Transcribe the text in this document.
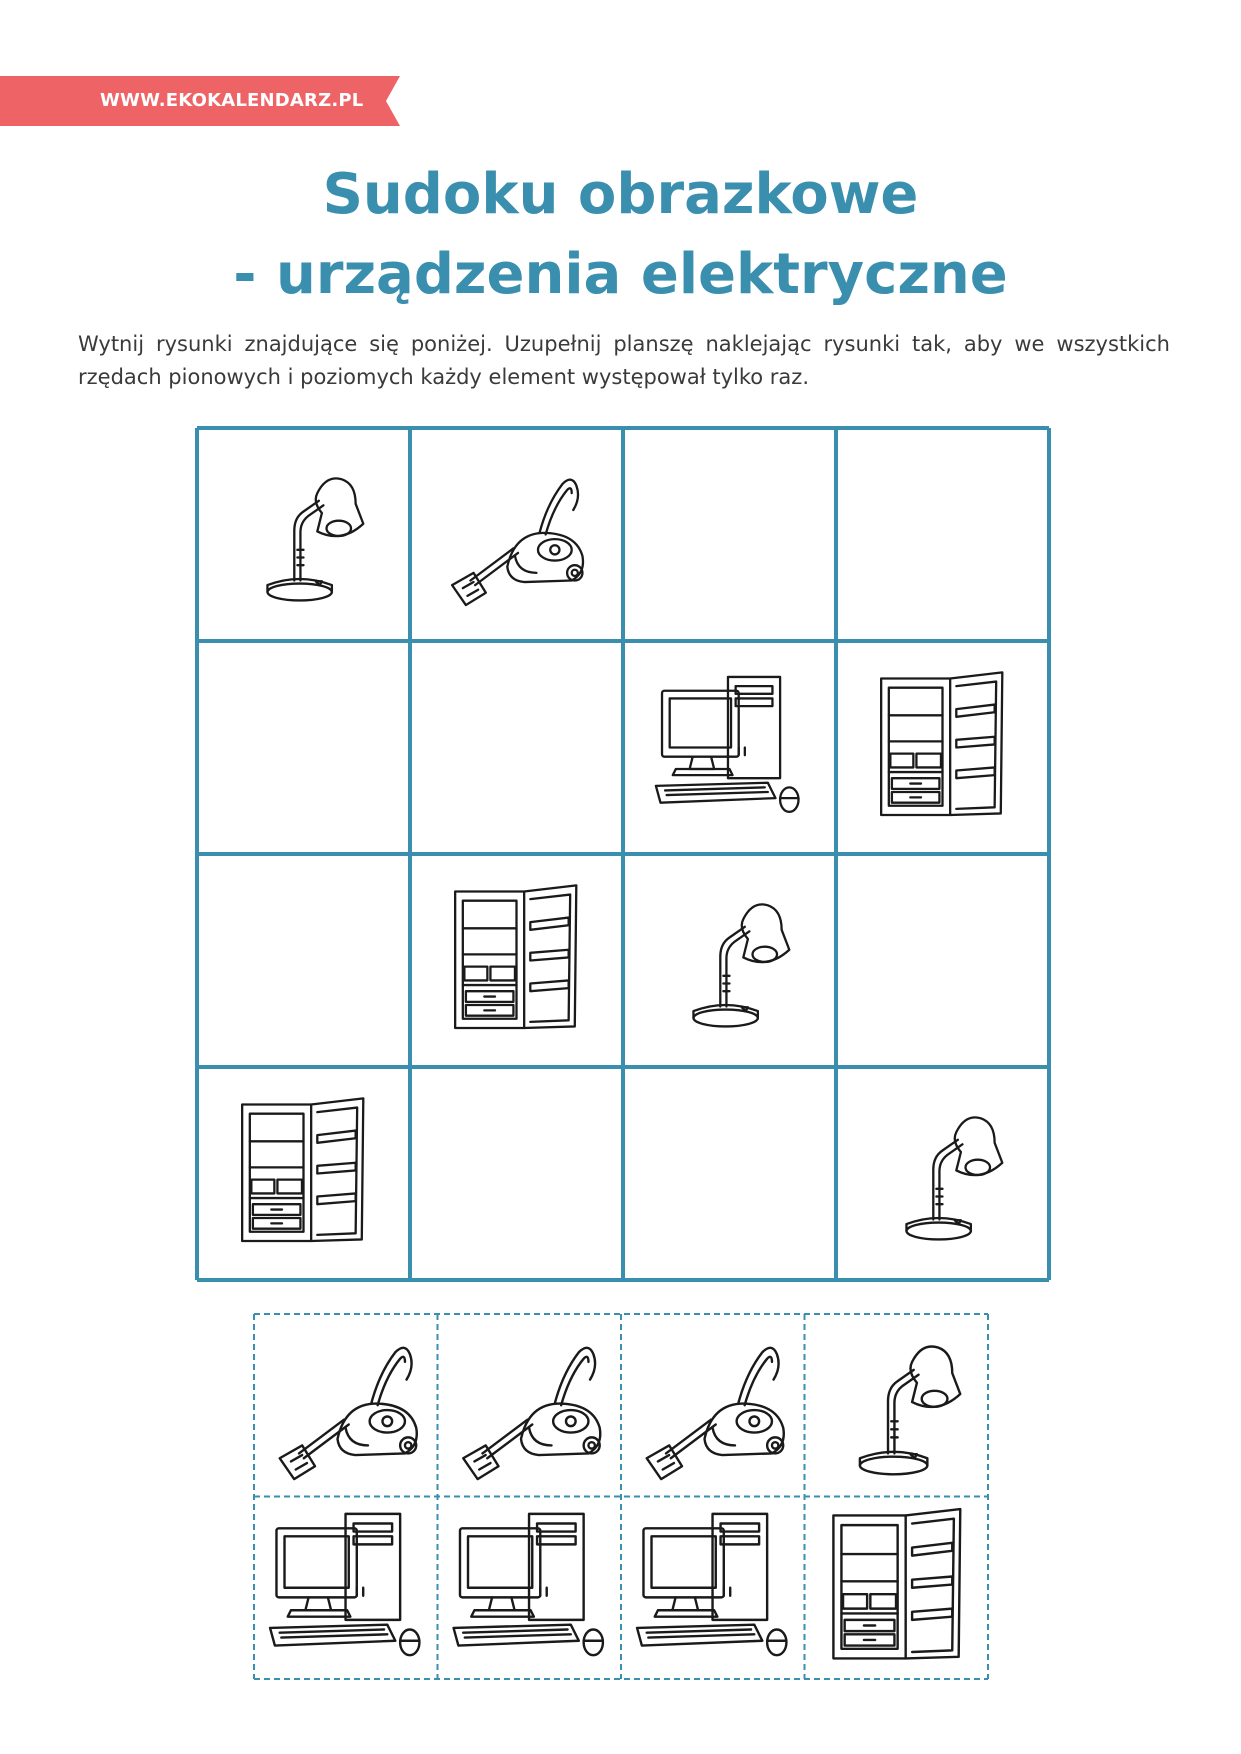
WWW.EKOKALENDARZ.PL
Sudoku obrazkowe
- urządzenia elektryczne
Wytnij rysunki znajdujące się poniżej. Uzupełnij planszę naklejając rysunki tak, aby we wszystkich rzędach pionowych i poziomych każdy element występował tylko raz.
